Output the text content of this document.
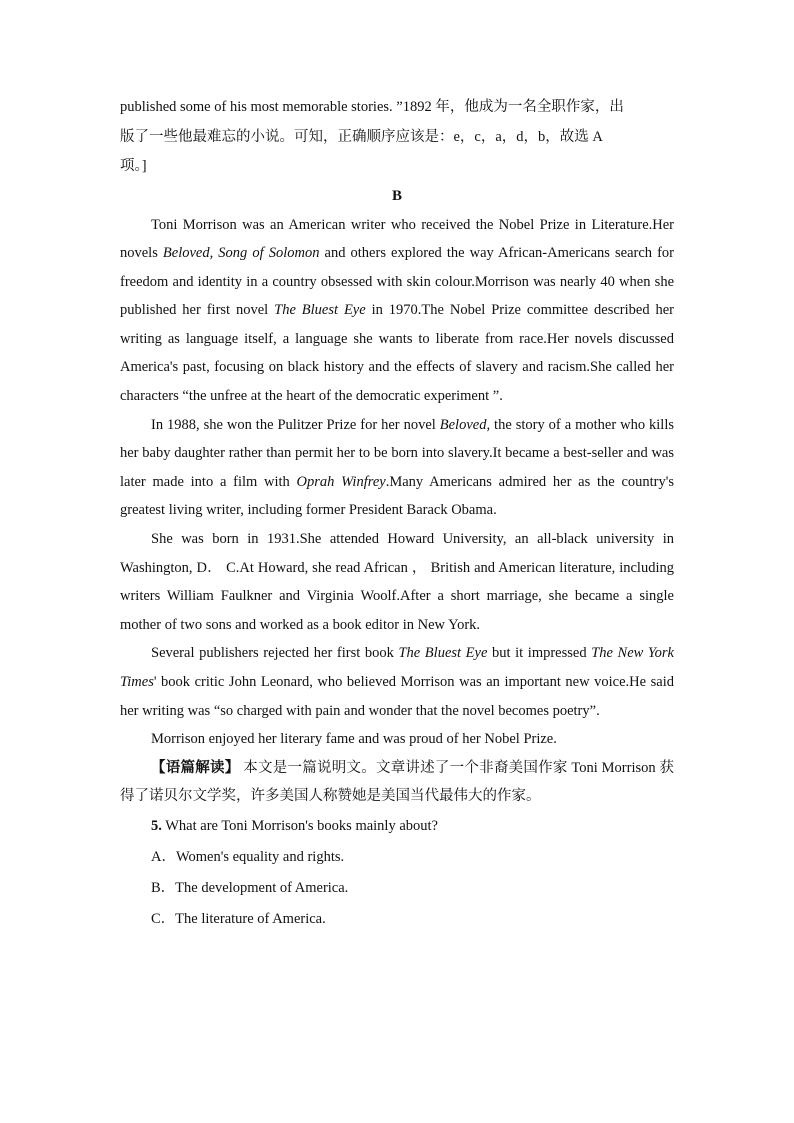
published some of his most memorable stories. ”1892 年，他成为一名全职作家，出
版了一些他最难忘的小说。可知，正确顺序应该是：e，c，a，d，b，故选 A
项。]
B

Toni Morrison was an American writer who received the Nobel Prize in Literature.Her novels Beloved, Song of Solomon and others explored the way African-Americans search for freedom and identity in a country obsessed with skin colour.Morrison was nearly 40 when she published her first novel The Bluest Eye in 1970.The Nobel Prize committee described her writing as language itself, a language she wants to liberate from race.Her novels discussed America's past, focusing on black history and the effects of slavery and racism.She called her characters “the unfree at the heart of the democratic experiment ”.

In 1988, she won the Pulitzer Prize for her novel Beloved, the story of a mother who kills her baby daughter rather than permit her to be born into slavery.It became a best-seller and was later made into a film with Oprah Winfrey.Many Americans admired her as the country's greatest living writer, including former President Barack Obama.

She was born in 1931.She attended Howard University, an all-black university in Washington, D． C.At Howard, she read African ， British and American literature, including writers William Faulkner and Virginia Woolf.After a short marriage, she became a single mother of two sons and worked as a book editor in New York.

Several publishers rejected her first book The Bluest Eye but it impressed The New York Times' book critic John Leonard, who believed Morrison was an important new voice.He said her writing was “so charged with pain and wonder that the novel becomes poetry”.

Morrison enjoyed her literary fame and was proud of her Nobel Prize.

【语篇解读】 本文是一篇说明文。文章讲述了一个非裔美国作家 Toni Morrison 获得了诺贝尔文学奖，许多美国人称赞她是美国当代最伟大的作家。

5. What are Toni Morrison's books mainly about?

A．Women's equality and rights.

B．The development of America.

C．The literature of America.
